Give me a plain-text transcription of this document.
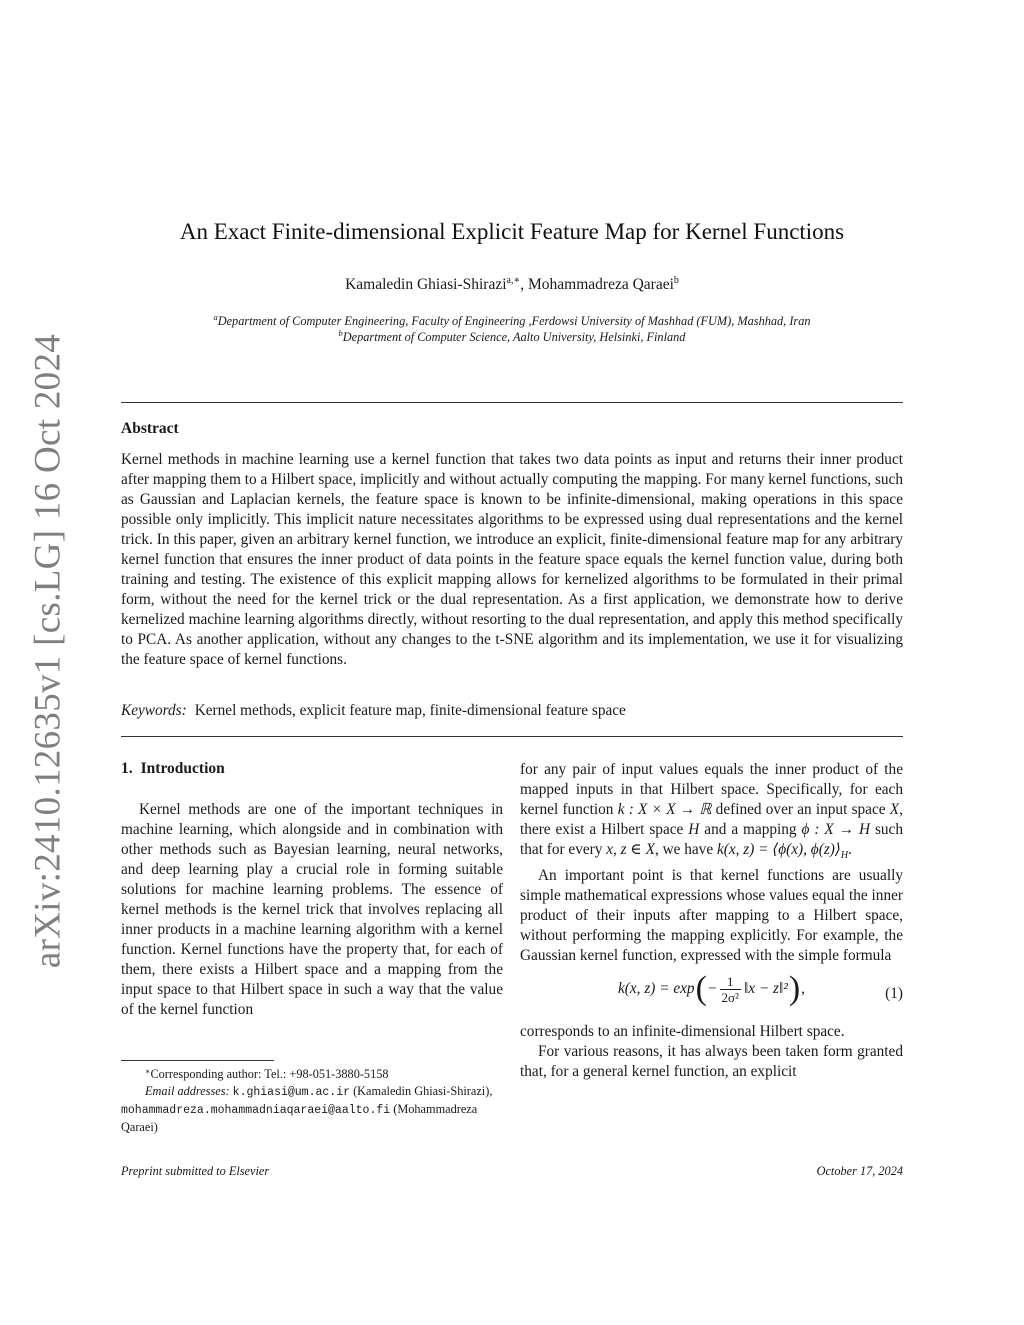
arXiv:2410.12635v1 [cs.LG] 16 Oct 2024
An Exact Finite-dimensional Explicit Feature Map for Kernel Functions
Kamaledin Ghiasi-Shirazi$^{a,∗}$, Mohammadreza Qaraei$^b$
$^a$Department of Computer Engineering, Faculty of Engineering ,Ferdowsi University of Mashhad (FUM), Mashhad, Iran
$^b$Department of Computer Science, Aalto University, Helsinki, Finland
Abstract
Kernel methods in machine learning use a kernel function that takes two data points as input and returns their inner product after mapping them to a Hilbert space, implicitly and without actually computing the mapping. For many kernel functions, such as Gaussian and Laplacian kernels, the feature space is known to be infinite-dimensional, making operations in this space possible only implicitly. This implicit nature necessitates algorithms to be expressed using dual representations and the kernel trick. In this paper, given an arbitrary kernel function, we introduce an explicit, finite-dimensional feature map for any arbitrary kernel function that ensures the inner product of data points in the feature space equals the kernel function value, during both training and testing. The existence of this explicit mapping allows for kernelized algorithms to be formulated in their primal form, without the need for the kernel trick or the dual representation. As a first application, we demonstrate how to derive kernelized machine learning algorithms directly, without resorting to the dual representation, and apply this method specifically to PCA. As another application, without any changes to the t-SNE algorithm and its implementation, we use it for visualizing the feature space of kernel functions.
Keywords: Kernel methods, explicit feature map, finite-dimensional feature space
1. Introduction

Kernel methods are one of the important techniques in machine learning, which alongside and in combination with other methods such as Bayesian learning, neural networks, and deep learning play a crucial role in forming suitable solutions for machine learning problems. The essence of kernel methods is the kernel trick that involves replacing all inner products in a machine learning algorithm with a kernel function. Kernel functions have the property that, for each of them, there exists a Hilbert space and a mapping from the input space to that Hilbert space in such a way that the value of the kernel function

for any pair of input values equals the inner product of the mapped inputs in that Hilbert space. Specifically, for each kernel function k : X × X → ℝ defined over an input space X, there exist a Hilbert space H and a mapping ϕ : X → H such that for every x, z ∈ X, we have k(x, z) = ⟨ϕ(x), $\phi(z)⟩_H$.

An important point is that kernel functions are usually simple mathematical expressions whose values equal the inner product of their inputs after mapping to a Hilbert space, without performing the mapping explicitly. For example, the Gaussian kernel function, expressed with the simple formula

k(x, z) = exp ( − $\frac{1}{\text{2σ²}}$ ‖x − z‖² ) ,	(1)

corresponds to an infinite-dimensional Hilbert space.

For various reasons, it has always been taken form granted that, for a general kernel function, an explicit

∗Corresponding author: Tel.: +98-051-3880-5158
Email addresses: k.ghiasi@um.ac.ir (Kamaledin Ghiasi-Shirazi), mohammadreza.mohammadniaqaraei@aalto.fi (Mohammadreza Qaraei)
Preprint submitted to Elsevier	October 17, 2024
